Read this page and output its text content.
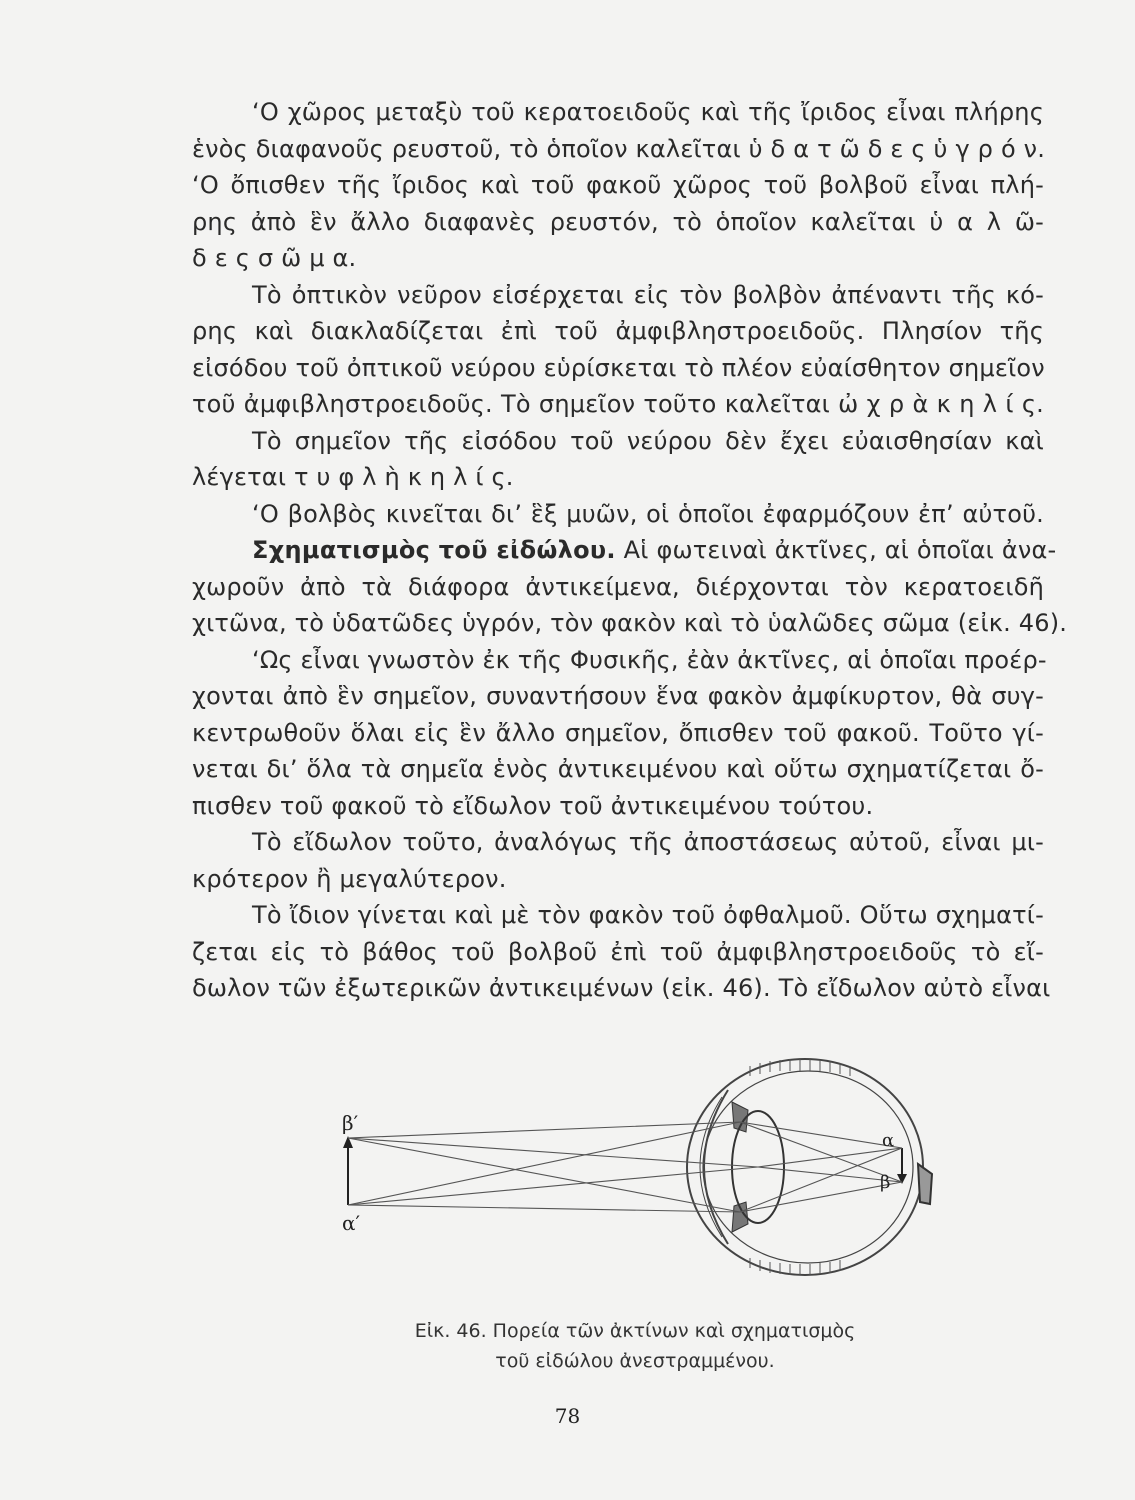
‘Ο χῶρος μεταξὺ τοῦ κερατοειδοῦς καὶ τῆς ἴριδος εἶναι πλήρης
ἑνὸς διαφανοῦς ρευστοῦ, τὸ ὁποῖον καλεῖται ὑ δ α τ ῶ δ ε ς ὑ γ ρ ό ν.
‘Ο ὄπισθεν τῆς ἴριδος καὶ τοῦ φακοῦ χῶρος τοῦ βολβοῦ εἶναι πλή-
ρης ἀπὸ ἓν ἄλλο διαφανὲς ρευστόν, τὸ ὁποῖον καλεῖται ὑ α λ ῶ-
δ ε ς σ ῶ μ α.
Τὸ ὀπτικὸν νεῦρον εἰσέρχεται εἰς τὸν βολβὸν ἀπέναντι τῆς κό-
ρης καὶ διακλαδίζεται ἐπὶ τοῦ ἀμφιβληστροειδοῦς. Πλησίον τῆς
εἰσόδου τοῦ ὀπτικοῦ νεύρου εὑρίσκεται τὸ πλέον εὐαίσθητον σημεῖον
τοῦ ἀμφιβληστροειδοῦς. Τὸ σημεῖον τοῦτο καλεῖται ὠ χ ρ ὰ κ η λ ί ς.
Τὸ σημεῖον τῆς εἰσόδου τοῦ νεύρου δὲν ἔχει εὐαισθησίαν καὶ
λέγεται τ υ φ λ ὴ κ η λ ί ς.
‘Ο βολβὸς κινεῖται δι’ ἓξ μυῶν, οἱ ὁποῖοι ἐφαρμόζουν ἐπ’ αὐτοῦ.
Σχηματισμὸς τοῦ εἰδώλου. Αἱ φωτειναὶ ἀκτῖνες, αἱ ὁποῖαι ἀνα-
χωροῦν ἀπὸ τὰ διάφορα ἀντικείμενα, διέρχονται τὸν κερατοειδῆ
χιτῶνα, τὸ ὑδατῶδες ὑγρόν, τὸν φακὸν καὶ τὸ ὑαλῶδες σῶμα (εἰκ. 46).
‘Ως εἶναι γνωστὸν ἐκ τῆς Φυσικῆς, ἐὰν ἀκτῖνες, αἱ ὁποῖαι προέρ-
χονται ἀπὸ ἓν σημεῖον, συναντήσουν ἕνα φακὸν ἀμφίκυρτον, θὰ συγ-
κεντρωθοῦν ὅλαι εἰς ἓν ἄλλο σημεῖον, ὄπισθεν τοῦ φακοῦ. Τοῦτο γί-
νεται δι’ ὅλα τὰ σημεῖα ἑνὸς ἀντικειμένου καὶ οὕτω σχηματίζεται ὄ-
πισθεν τοῦ φακοῦ τὸ εἴδωλον τοῦ ἀντικειμένου τούτου.
Τὸ εἴδωλον τοῦτο, ἀναλόγως τῆς ἀποστάσεως αὐτοῦ, εἶναι μι-
κρότερον ἢ μεγαλύτερον.
Τὸ ἴδιον γίνεται καὶ μὲ τὸν φακὸν τοῦ ὀφθαλμοῦ. Οὕτω σχηματί-
ζεται εἰς τὸ βάθος τοῦ βολβοῦ ἐπὶ τοῦ ἀμφιβληστροειδοῦς τὸ εἴ-
δωλον τῶν ἐξωτερικῶν ἀντικειμένων (εἰκ. 46). Τὸ εἴδωλον αὐτὸ εἶναι
β′
α′
α
β
Εἰκ. 46. Πορεία τῶν ἀκτίνων καὶ σχηματισμὸς
τοῦ εἰδώλου ἀνεστραμμένου.
78
